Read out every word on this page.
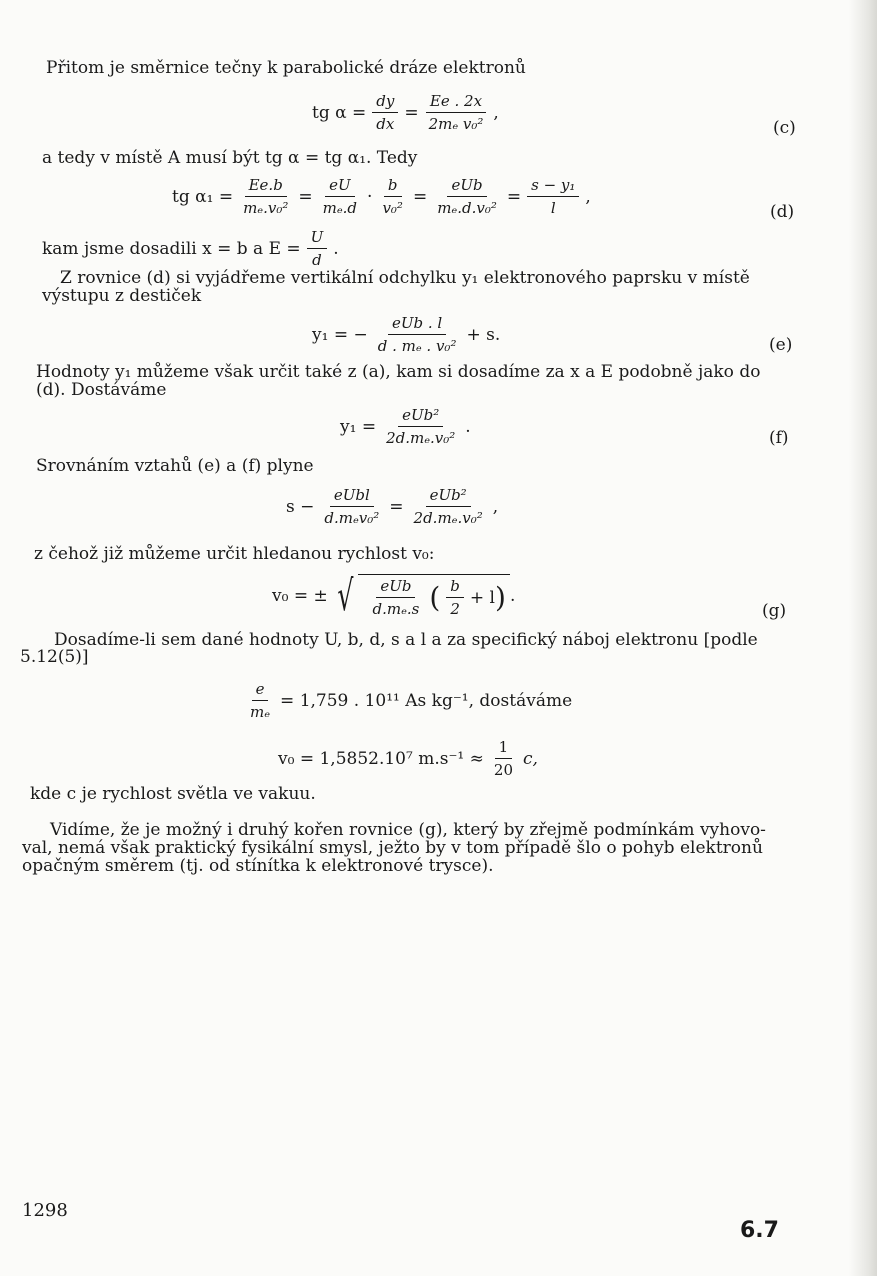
Přitom je směrnice tečny k parabolické dráze elektronů
tg $\alpha = \frac{dy}{dx} = \frac{Ee . 2x}{\text{2mₑ v₀²}}$ ,
(c)
a tedy v místě A musí být tg α = tg α₁. Tedy
tg $\alpha_1 = \frac{Ee.b}{\text{mₑ.v₀²}} = \frac{eU}{\text{mₑ.d}} \cdot \frac{b}{\text{v₀²}} = \frac{\text{eUb}}{\text{mₑ.d.v₀²}} = \frac{\text{s − y₁}}{l}$ ,
(d)
kam jsme dosadili x = b a $E = \frac{U}{d}$ .
Z rovnice (d) si vyjádřeme vertikální odchylku y₁ elektronového paprsku v místě
výstupu z destiček
y₁ = − $\frac{\text{eUb . l}}{\text{d . mₑ . v₀²}} + s$.
(e)
Hodnoty y₁ můžeme však určit také z (a), kam si dosadíme za x a E podobně jako do
(d). Dostáváme
$y_1 = \frac{\text{eUb²}}{\text{2d.mₑ.v₀²}}$ .
(f)
Srovnáním vztahů (e) a (f) plyne
$s - \frac{\text{eUbl}}{\text{d.mₑv₀²}} = \frac{\text{eUb²}}{\text{2d.mₑ.v₀²}}$ ,
z čehož již můžeme určit hledanou rychlost v₀:
v₀ = ± √ $\frac{\text{eUb}}{\text{d.mₑ.s}}$ ( $\frac{b}{2} + l$ ) .
(g)
Dosadíme-li sem dané hodnoty U, b, d, s a l a za specifický náboj elektronu [podle
5.12(5)]
$\frac{e}{\text{mₑ}} = 1,759$ . 10¹¹ As kg⁻¹, dostáváme
v₀ = 1,5852.10⁷ $m.s^{-1} \approx \frac{1}{20} c$,
kde c je rychlost světla ve vakuu.
Vidíme, že je možný i druhý kořen rovnice (g), který by zřejmě podmínkám vyhovo-
val, nemá však praktický fysikální smysl, ježto by v tom případě šlo o pohyb elektronů
opačným směrem (tj. od stínítka k elektronové trysce).
1298
6.7
